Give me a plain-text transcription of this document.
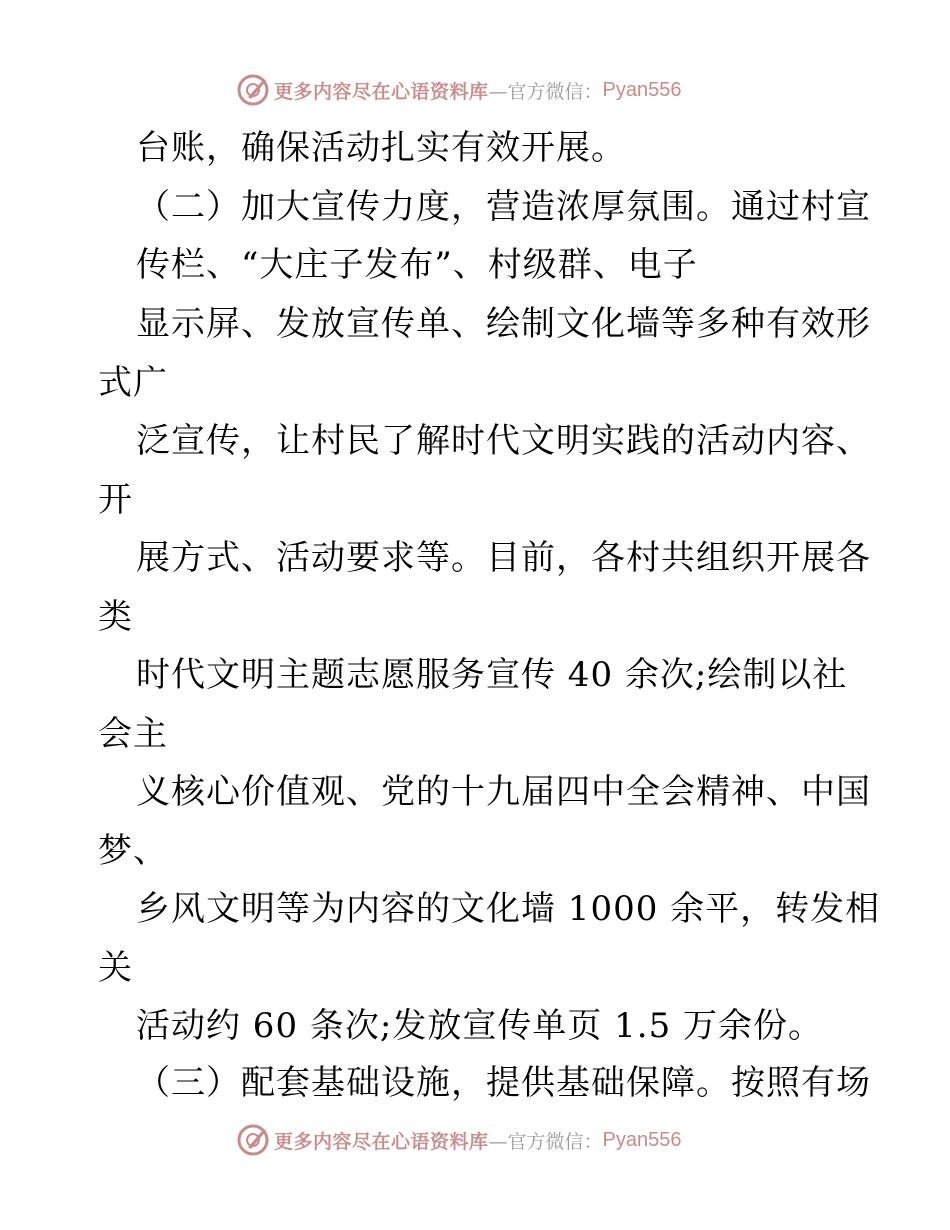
更多内容尽在心语资料库 —官方微信： Pyan556

台账，确保活动扎实有效开展。

（二）加大宣传力度，营造浓厚氛围。通过村宣

传栏、“大庄子发布”、村级群、电子

显示屏、发放宣传单、绘制文化墙等多种有效形

式广

泛宣传，让村民了解时代文明实践的活动内容、

开

展方式、活动要求等。目前，各村共组织开展各

类

时代文明主题志愿服务宣传 40 余次;绘制以社

会主

义核心价值观、党的十九届四中全会精神、中国

梦、

乡风文明等为内容的文化墙 1000 余平，转发相

关

活动约 60 条次;发放宣传单页 1.5 万余份。

（三）配套基础设施，提供基础保障。按照有场

更多内容尽在心语资料库 —官方微信： Pyan556
